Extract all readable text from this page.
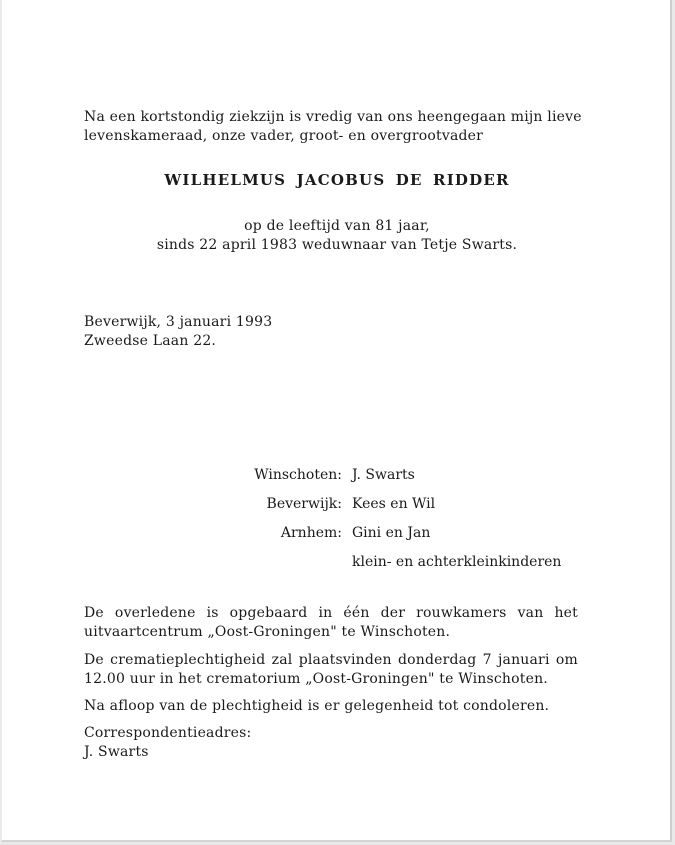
Na een kortstondig ziekzijn is vredig van ons heengegaan mijn lieve
levenskameraad, onze vader, groot- en overgrootvader
WILHELMUS JACOBUS DE RIDDER
op de leeftijd van 81 jaar,
sinds 22 april 1983 weduwnaar van Tetje Swarts.
Beverwijk, 3 januari 1993
Zweedse Laan 22.
Winschoten: J. Swarts
Beverwijk: Kees en Wil
Arnhem: Gini en Jan
klein- en achterkleinkinderen
De overledene is opgebaard in één der rouwkamers van het
uitvaartcentrum „Oost-Groningen" te Winschoten.
De crematieplechtigheid zal plaatsvinden donderdag 7 januari om
12.00 uur in het crematorium „Oost-Groningen" te Winschoten.
Na afloop van de plechtigheid is er gelegenheid tot condoleren.
Correspondentieadres:
J. Swarts
